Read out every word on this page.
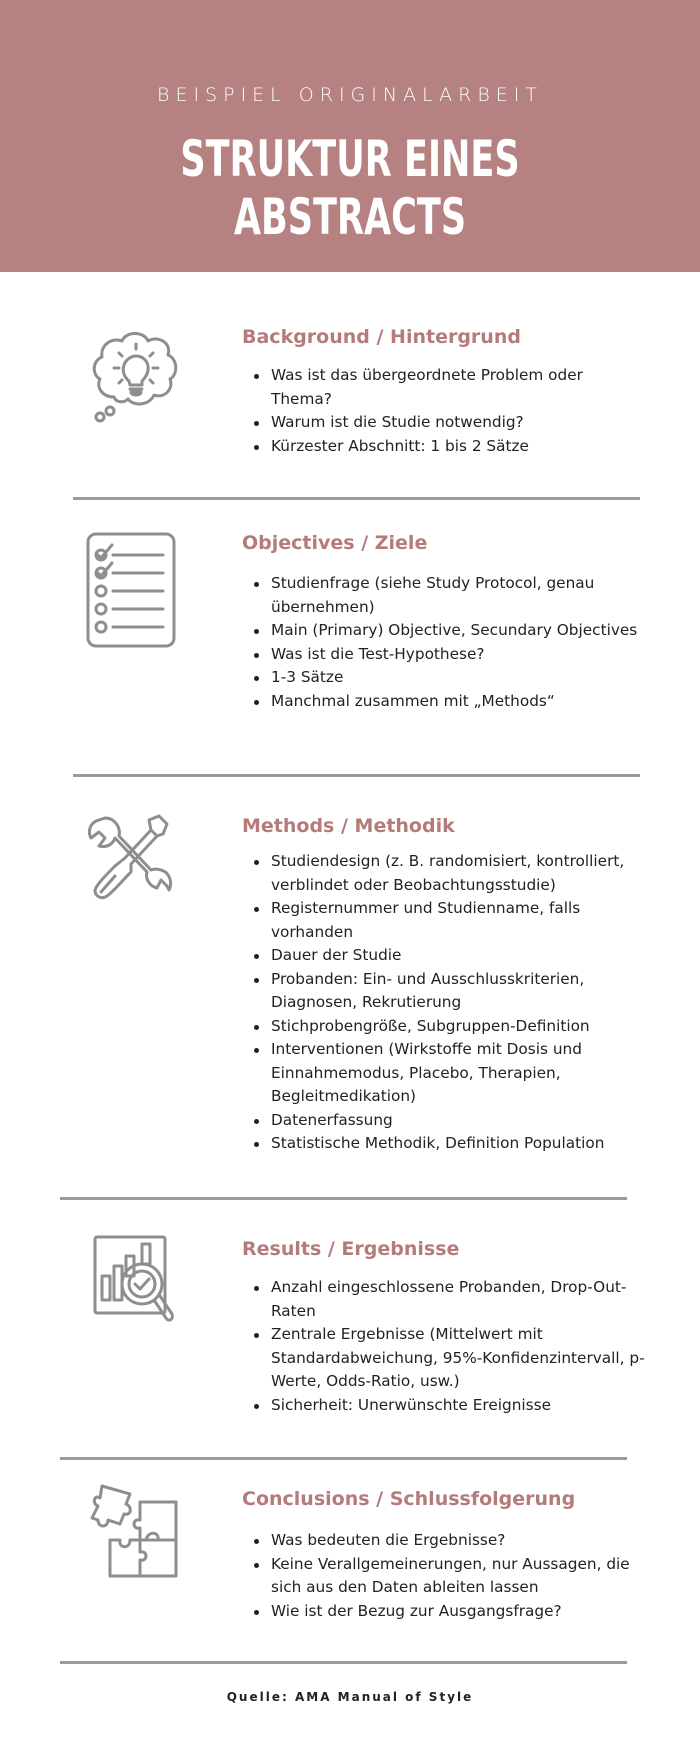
BEISPIEL ORIGINALARBEIT
STRUKTUR EINES ABSTRACTS
Background / Hintergrund
Was ist das übergeordnete Problem oder Thema?
Warum ist die Studie notwendig?
Kürzester Abschnitt: 1 bis 2 Sätze
Objectives / Ziele
Studienfrage (siehe Study Protocol, genau übernehmen)
Main (Primary) Objective, Secundary Objectives
Was ist die Test-Hypothese?
1-3 Sätze
Manchmal zusammen mit „Methods“
Methods / Methodik
Studiendesign (z. B. randomisiert, kontrolliert, verblindet oder Beobachtungsstudie)
Registernummer und Studienname, falls vorhanden
Dauer der Studie
Probanden: Ein- und Ausschlusskriterien, Diagnosen, Rekrutierung
Stichprobengröße, Subgruppen-Definition
Interventionen (Wirkstoffe mit Dosis und Einnahmemodus, Placebo, Therapien, Begleitmedikation)
Datenerfassung
Statistische Methodik, Definition Population
Results / Ergebnisse
Anzahl eingeschlossene Probanden, Drop-Out-Raten
Zentrale Ergebnisse (Mittelwert mit Standardabweichung, 95%-Konfidenzintervall, p-Werte, Odds-Ratio, usw.)
Sicherheit: Unerwünschte Ereignisse
Conclusions / Schlussfolgerung
Was bedeuten die Ergebnisse?
Keine Verallgemeinerungen, nur Aussagen, die sich aus den Daten ableiten lassen
Wie ist der Bezug zur Ausgangsfrage?
Quelle: AMA Manual of Style
